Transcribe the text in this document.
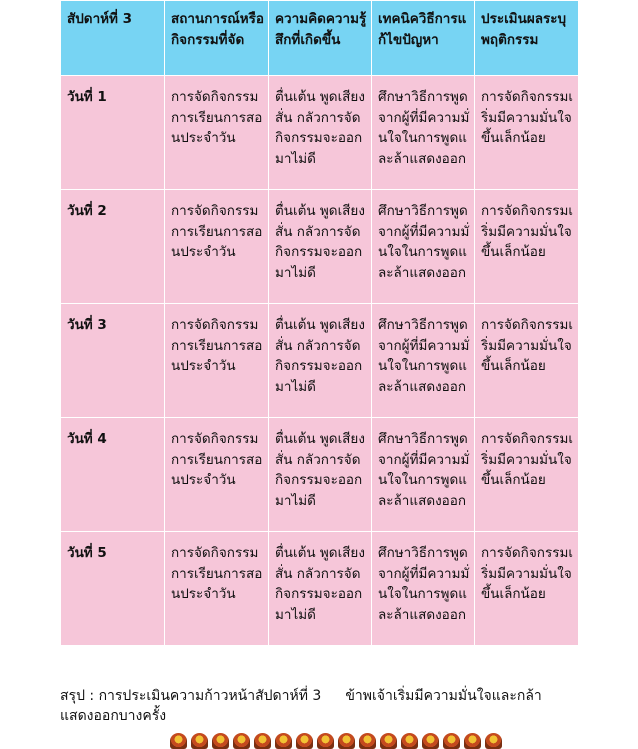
สัปดาห์ที่ 3	สถานการณ์หรือกิจกรรมที่จัด	ความคิดความรู้สึกที่เกิดขึ้น	เทคนิควิธีการแก้ไขปัญหา	ประเมินผลระบุพฤติกรรม
วันที่ 1	การจัดกิจกรรมการเรียนการสอนประจำวัน	ตื่นเต้น พูดเสียงสั่น กลัวการจัดกิจกรรมจะออกมาไม่ดี	ศึกษาวิธีการพูดจากผู้ที่มีความมั่นใจในการพูดและล้าแสดงออก	การจัดกิจกรรมเริ่มมีความมั่นใจขึ้นเล็กน้อย
วันที่ 2	การจัดกิจกรรมการเรียนการสอนประจำวัน	ตื่นเต้น พูดเสียงสั่น กลัวการจัดกิจกรรมจะออกมาไม่ดี	ศึกษาวิธีการพูดจากผู้ที่มีความมั่นใจในการพูดและล้าแสดงออก	การจัดกิจกรรมเริ่มมีความมั่นใจขึ้นเล็กน้อย
วันที่ 3	การจัดกิจกรรมการเรียนการสอนประจำวัน	ตื่นเต้น พูดเสียงสั่น กลัวการจัดกิจกรรมจะออกมาไม่ดี	ศึกษาวิธีการพูดจากผู้ที่มีความมั่นใจในการพูดและล้าแสดงออก	การจัดกิจกรรมเริ่มมีความมั่นใจขึ้นเล็กน้อย
วันที่ 4	การจัดกิจกรรมการเรียนการสอนประจำวัน	ตื่นเต้น พูดเสียงสั่น กลัวการจัดกิจกรรมจะออกมาไม่ดี	ศึกษาวิธีการพูดจากผู้ที่มีความมั่นใจในการพูดและล้าแสดงออก	การจัดกิจกรรมเริ่มมีความมั่นใจขึ้นเล็กน้อย
วันที่ 5	การจัดกิจกรรมการเรียนการสอนประจำวัน	ตื่นเต้น พูดเสียงสั่น กลัวการจัดกิจกรรมจะออกมาไม่ดี	ศึกษาวิธีการพูดจากผู้ที่มีความมั่นใจในการพูดและล้าแสดงออก	การจัดกิจกรรมเริ่มมีความมั่นใจขึ้นเล็กน้อย
สรุป : การประเมินความก้าวหน้าสัปดาห์ที่ 3 ข้าพเจ้าเริ่มมีความมั่นใจและกล้าแสดงออกบางครั้ง
